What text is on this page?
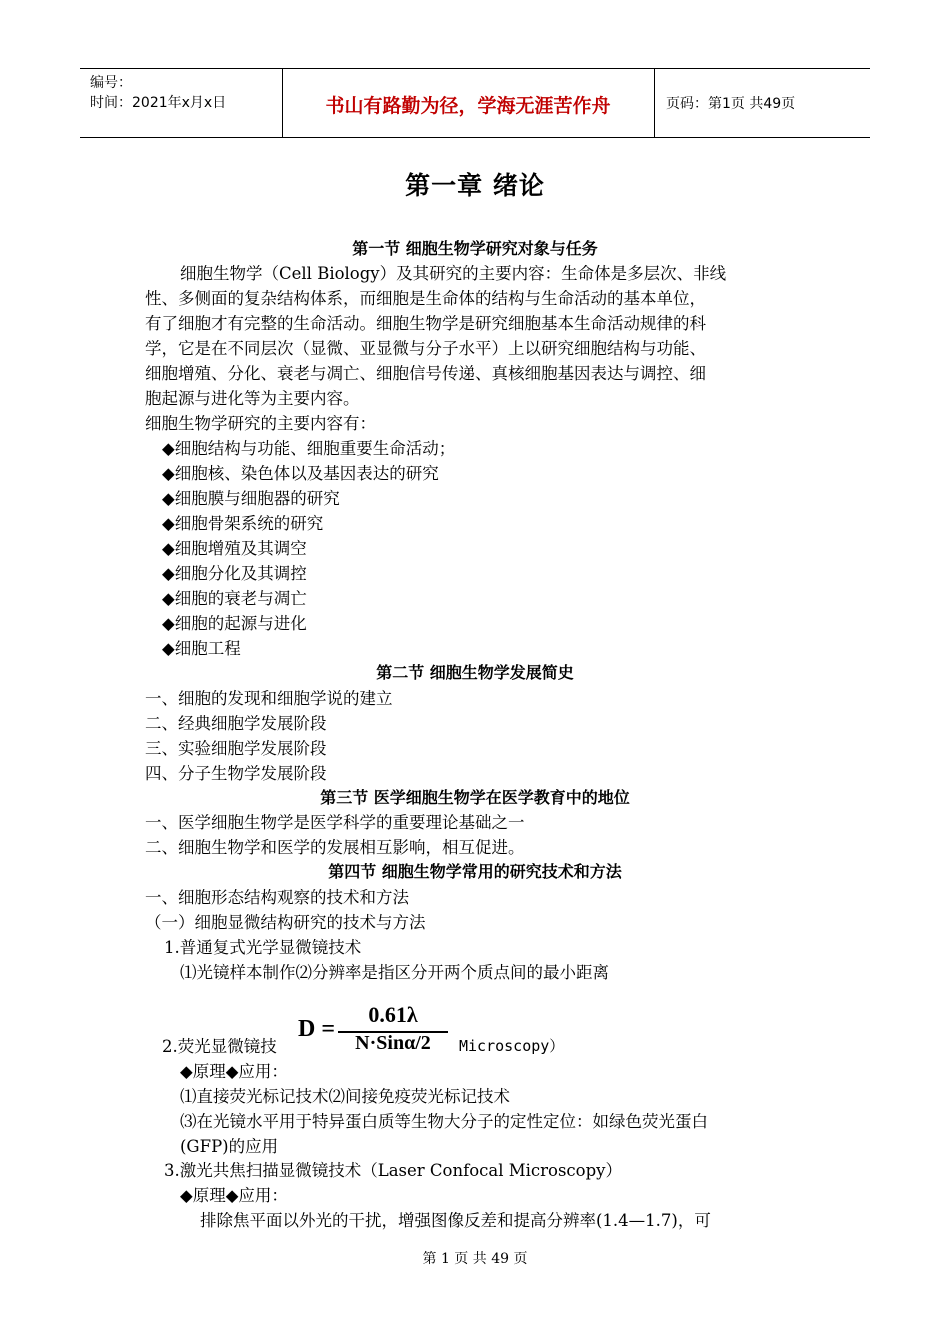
编号：
时间：2021年x月x日	书山有路勤为径，学海无涯苦作舟	页码：第1页 共49页
第一章 绪论
第一节 细胞生物学研究对象与任务
细胞生物学（Cell Biology）及其研究的主要内容：生命体是多层次、非线
性、多侧面的复杂结构体系，而细胞是生命体的结构与生命活动的基本单位，
有了细胞才有完整的生命活动。细胞生物学是研究细胞基本生命活动规律的科
学，它是在不同层次（显微、亚显微与分子水平）上以研究细胞结构与功能、
细胞增殖、分化、衰老与凋亡、细胞信号传递、真核细胞基因表达与调控、细
胞起源与进化等为主要内容。
细胞生物学研究的主要内容有：
◆细胞结构与功能、细胞重要生命活动；
◆细胞核、染色体以及基因表达的研究
◆细胞膜与细胞器的研究
◆细胞骨架系统的研究
◆细胞增殖及其调空
◆细胞分化及其调控
◆细胞的衰老与凋亡
◆细胞的起源与进化
◆细胞工程
第二节 细胞生物学发展简史
一、细胞的发现和细胞学说的建立
二、经典细胞学发展阶段
三、实验细胞学发展阶段
四、分子生物学发展阶段
第三节 医学细胞生物学在医学教育中的地位
一、医学细胞生物学是医学科学的重要理论基础之一
二、细胞生物学和医学的发展相互影响，相互促进。
第四节 细胞生物学常用的研究技术和方法
一、细胞形态结构观察的技术和方法
（一）细胞显微结构研究的技术与方法
1.普通复式光学显微镜技术
⑴光镜样本制作⑵分辨率是指区分开两个质点间的最小距离
2.荧光显微镜技	Microscopy）
D =
0.61λ
N·Sinα/2
◆原理◆应用：
⑴直接荧光标记技术⑵间接免疫荧光标记技术
⑶在光镜水平用于特异蛋白质等生物大分子的定性定位：如绿色荧光蛋白
(GFP)的应用
3.激光共焦扫描显微镜技术（Laser Confocal Microscopy）
◆原理◆应用：
排除焦平面以外光的干扰，增强图像反差和提高分辨率(1.4—1.7)，可
第 1 页 共 49 页
